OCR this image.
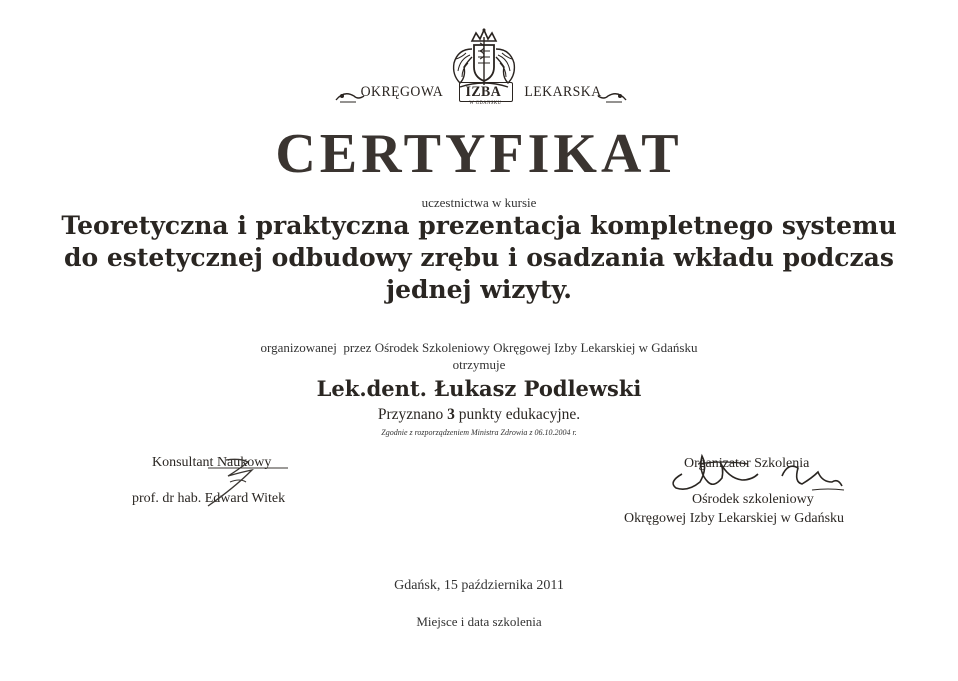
OKRĘGOWA IZBA LEKARSKA
W GDAŃSKU
CERTYFIKAT
uczestnictwa w kursie
Teoretyczna i praktyczna prezentacja kompletnego systemu
do estetycznej odbudowy zrębu i osadzania wkładu podczas
jednej wizyty.
organizowanej  przez Ośrodek Szkoleniowy Okręgowej Izby Lekarskiej w Gdańsku
otrzymuje
Lek.dent. Łukasz Podlewski
Przyznano 3 punkty edukacyjne.
Zgodnie z rozporządzeniem Ministra Zdrowia z 06.10.2004 r.
Konsultant Naukowy
prof. dr hab. Edward Witek
Organizator Szkolenia
Ośrodek szkoleniowy
Okręgowej Izby Lekarskiej w Gdańsku
Gdańsk, 15 października 2011
Miejsce i data szkolenia
